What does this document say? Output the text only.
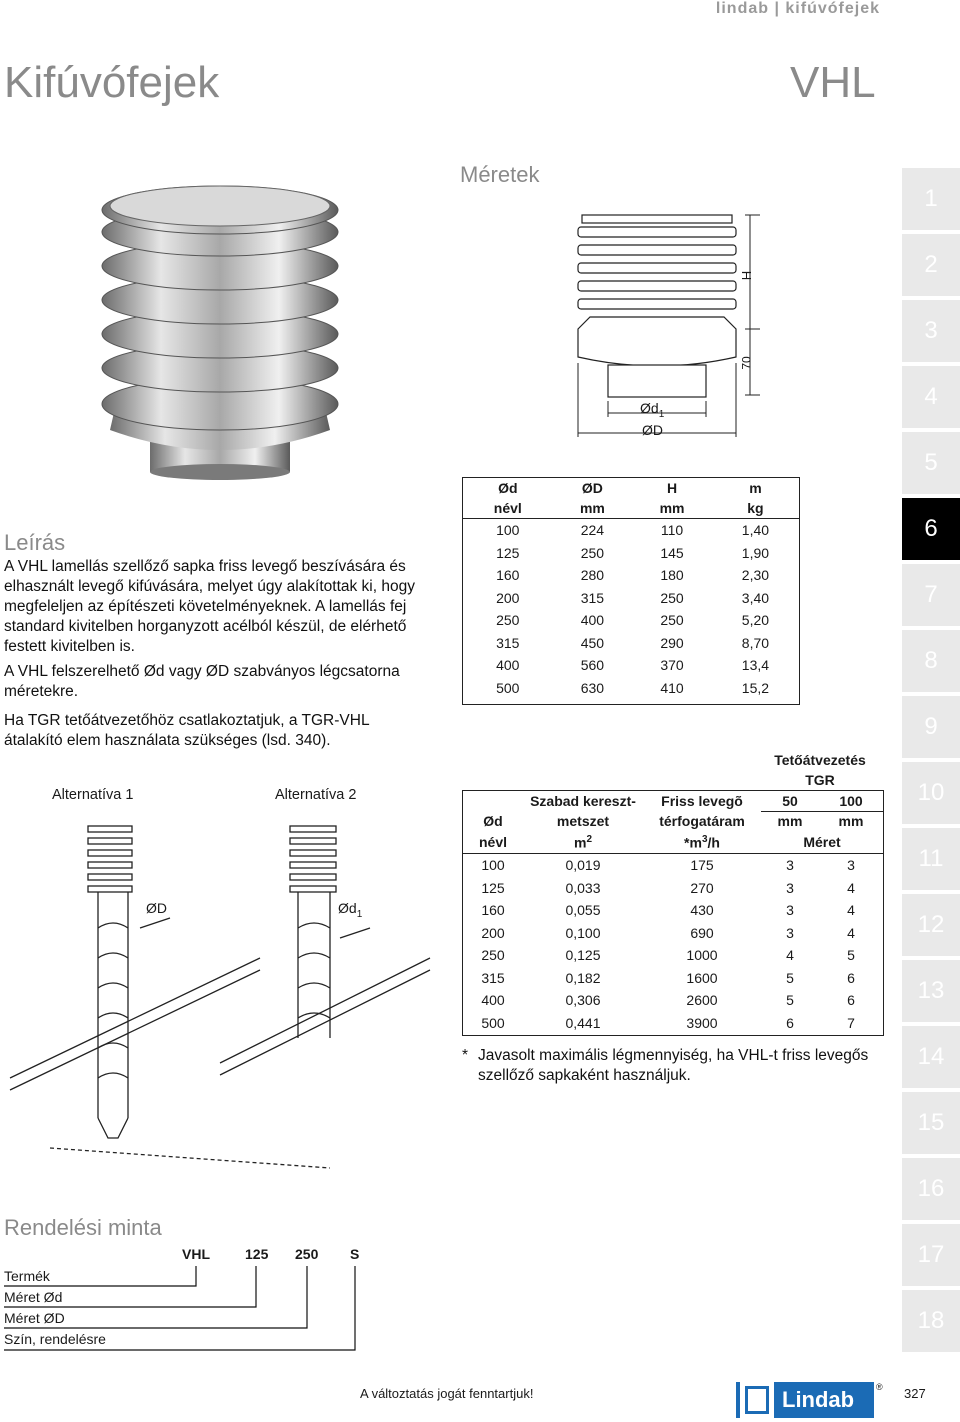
lindab | kifúvófejek
Kifúvófejek	VHL
Leírás
A VHL lamellás szellőző sapka friss levegő beszívására és elhasznált levegő kifúvására, melyet úgy alakítottak ki, hogy megfeleljen az építészeti követelményeknek. A lamellás fej standard kivitelben horganyzott acélból készül, de elérhető festett kivitelben is.
A VHL felszerelhető Ød vagy ØD szabványos légcsatorna méretekre.
Ha TGR tetőátvezetőhöz csatlakoztatjuk, a TGR-VHL átalakító elem használata szükséges (lsd. 340).
Alternatíva 1	Alternatíva 2
ØD	$Ød_1$
Rendelési minta
VHL	125 250 S
Termék
Méret Ød
Méret ØD
Szín, rendelésre
Méretek
H
70
$Ød_1$
ØD
Ød	ØD	H	m
névl	mm	mm	kg
100	224	110	1,40
125	250	145	1,90
160	280	180	2,30
200	315	250	3,40
250	400	250	5,20
315	450	290	8,70
400	560	370	13,4
500	630	410	15,2
Tetőátvezetés
TGR
	Szabad kereszt-	Friss levegõ	50	100
Ød	metszet	térfogatáram	mm	mm
névl	$m^2$	$*m^3/h$	Méret	
100	0,019	175	3	3
125	0,033	270	3	4
160	0,055	430	3	4
200	0,100	690	3	4
250	0,125	1000	4	5
315	0,182	1600	5	6
400	0,306	2600	5	6
500	0,441	3900	6	7
* Javasolt maximális légmennyiség, ha VHL-t friss levegős szellőző sapkaként használjuk.
1
2
3
4
5
6
7
8
9
10
11
12
13
14
15
16
17
18
A változtatás jogát fenntartjuk!	Lindab ® 327
